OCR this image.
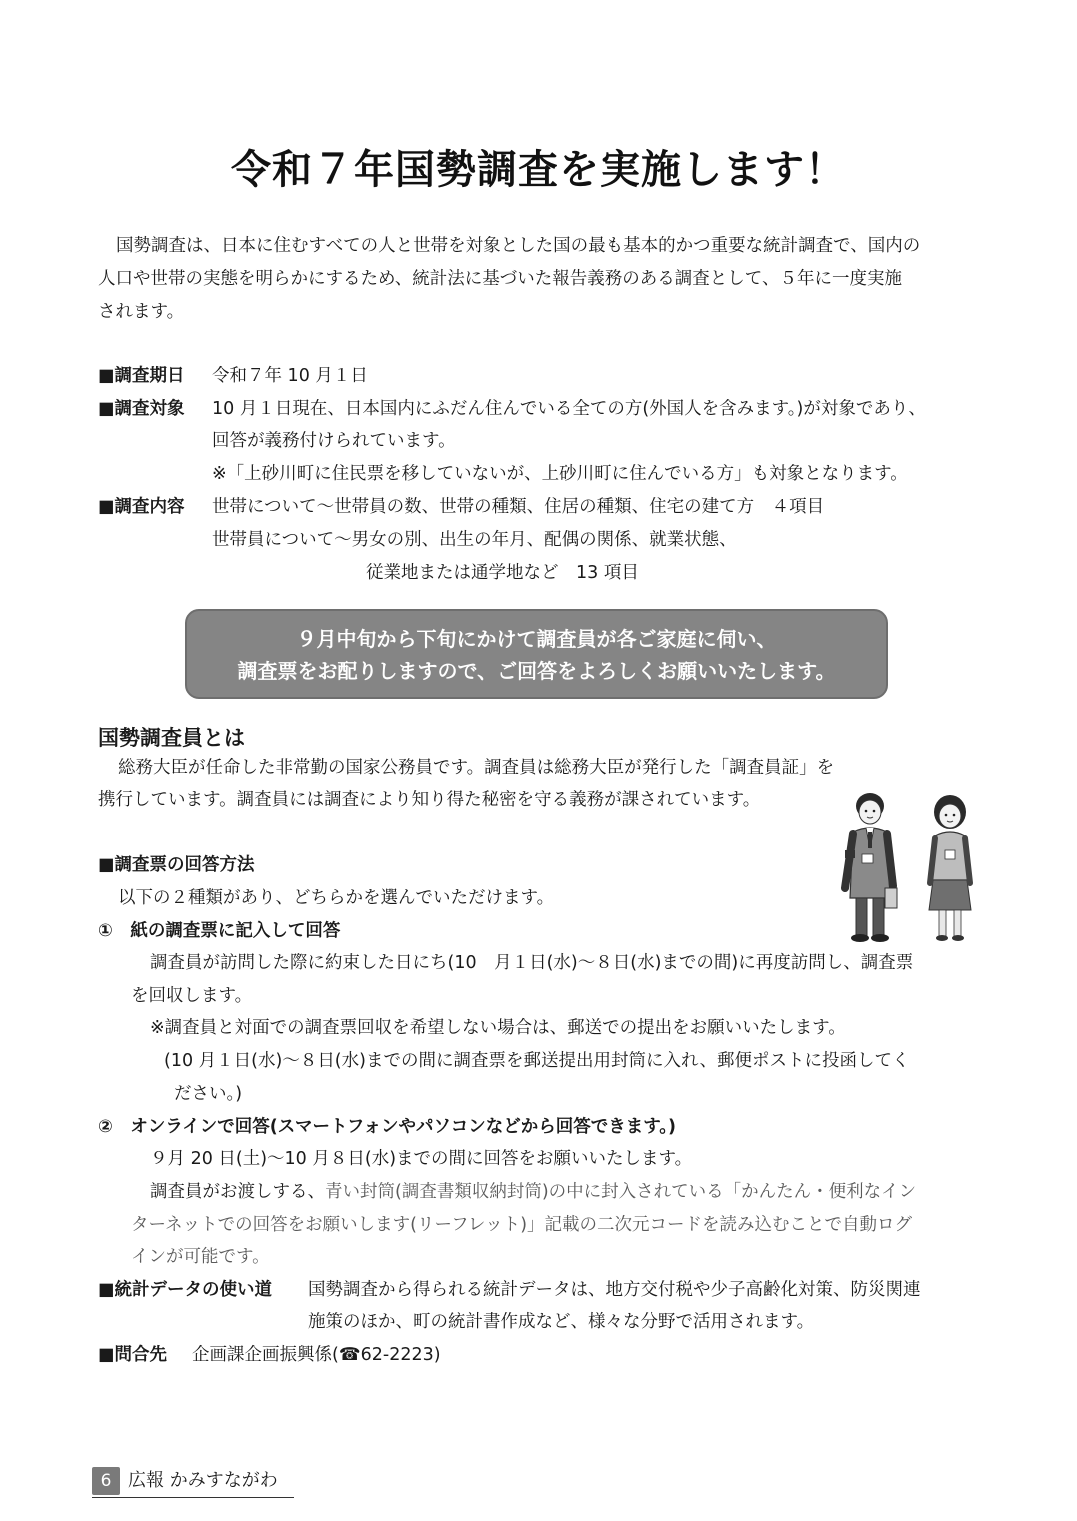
令和７年国勢調査を実施します！
国勢調査は、日本に住むすべての人と世帯を対象とした国の最も基本的かつ重要な統計調査で、国内の
人口や世帯の実態を明らかにするため、統計法に基づいた報告義務のある調査として、５年に一度実施
されます。
■調査期日 令和７年 10 月１日
■調査対象 10 月１日現在、日本国内にふだん住んでいる全ての方(外国人を含みます。)が対象であり、
回答が義務付けられています。
※「上砂川町に住民票を移していないが、上砂川町に住んでいる方」も対象となります。
■調査内容 世帯について～世帯員の数、世帯の種類、住居の種類、住宅の建て方　４項目
世帯員について～男女の別、出生の年月、配偶の関係、就業状態、
従業地または通学地など　13 項目
９月中旬から下旬にかけて調査員が各ご家庭に伺い、
調査票をお配りしますので、ご回答をよろしくお願いいたします。
国勢調査員とは
総務大臣が任命した非常勤の国家公務員です。調査員は総務大臣が発行した「調査員証」を
携行しています。調査員には調査により知り得た秘密を守る義務が課されています。
■調査票の回答方法
以下の２種類があり、どちらかを選んでいただけます。
①　紙の調査票に記入して回答
調査員が訪問した際に約束した日にち(10　月１日(水)～８日(水)までの間)に再度訪問し、調査票
を回収します。
※調査員と対面での調査票回収を希望しない場合は、郵送での提出をお願いいたします。
(10 月１日(水)～８日(水)までの間に調査票を郵送提出用封筒に入れ、郵便ポストに投函してく
ださい。)
②　オンラインで回答(スマートフォンやパソコンなどから回答できます。)
９月 20 日(土)～10 月８日(水)までの間に回答をお願いいたします。
調査員がお渡しする、青い封筒(調査書類収納封筒)の中に封入されている「かんたん・便利なイン
ターネットでの回答をお願いします(リーフレット)」記載の二次元コードを読み込むことで自動ログ
インが可能です。
■統計データの使い道 国勢調査から得られる統計データは、地方交付税や少子高齢化対策、防災関連
施策のほか、町の統計書作成など、様々な分野で活用されます。
■問合先 企画課企画振興係(☎62-2223)
6 広報 かみすながわ
